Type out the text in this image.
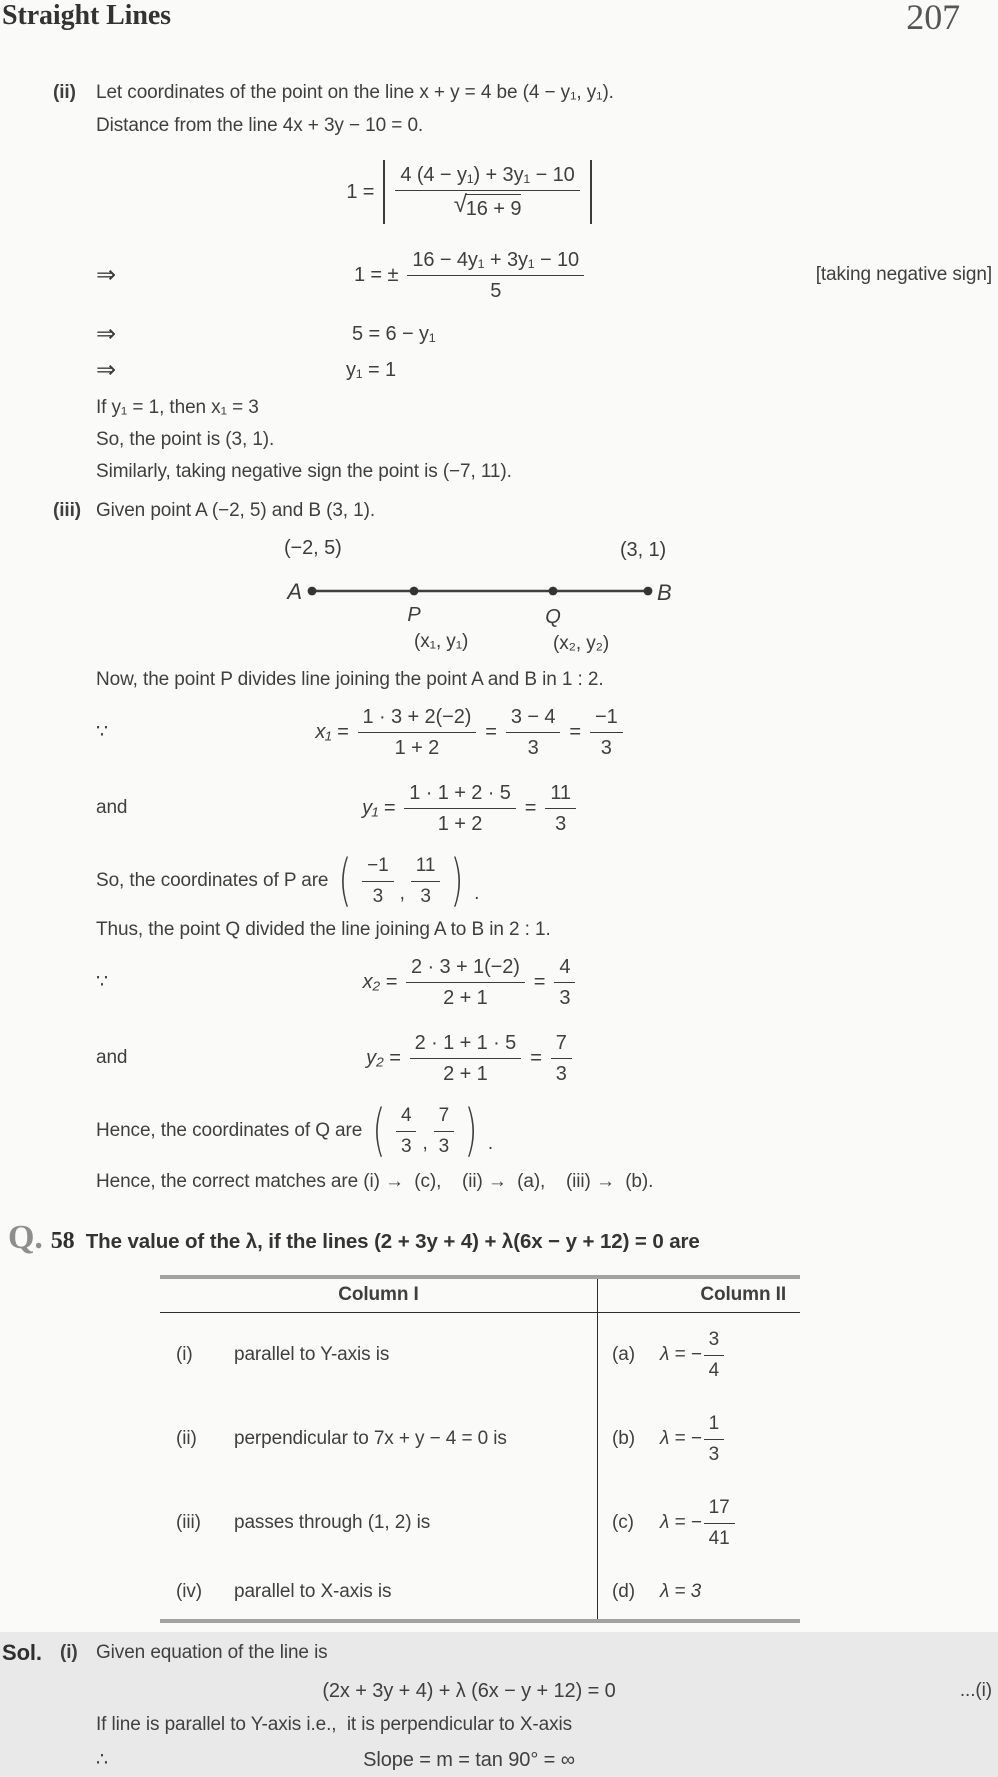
Straight Lines	207
(ii) Let coordinates of the point on the line x + y = 4 be (4 − y₁, y₁).
Distance from the line 4x + 3y − 10 = 0.
$1 = \frac{\text{4 (4 − y₁) + 3y₁ − 10}}{√ 16 + 9}$
⇒	1 = ± $\frac{\text{16 − 4y₁ + 3y₁ − 10}}{5}$	[taking negative sign]
⇒	5 = 6 − y₁
⇒	y₁ = 1
If y₁ = 1, then x₁ = 3
So, the point is (3, 1).
Similarly, taking negative sign the point is (−7, 11).
(iii) Given point A (−2, 5) and B (3, 1).
(−2, 5)	(3, 1)
A	B
P	Q
(x₁, y₁)	(x₂, y₂)
Now, the point P divides line joining the point A and B in 1 : 2.
∵	$x_1 = \frac{1 \cdot 3 + 2(-2)}{1 + 2} = \frac{3 - 4}{3} = \frac{-1}{3}$
and	$y_1 = \frac{1 \cdot 1 + 2 \cdot 5}{1 + 2} = \frac{11}{3}$
So, the coordinates of P are ( $\frac{-1}{3}$ , $\frac{11}{3}$ ) .
Thus, the point Q divided the line joining A to B in 2 : 1.
∵	$x_2 = \frac{2 \cdot 3 + 1(-2)}{2 + 1} = \frac{4}{3}$
and	$y_2 = \frac{2 \cdot 1 + 1 \cdot 5}{2 + 1} = \frac{7}{3}$
Hence, the coordinates of Q are ( $\frac{4}{3}$ , $\frac{7}{3}$ ) .
Hence, the correct matches are (i) →  (c),    (ii) →  (a),    (iii) →  (b).
Q. 58 The value of the λ, if the lines (2 + 3y + 4) + λ(6x − y + 12) = 0 are
Column I	Column II
(i)	parallel to Y-axis is	(a)	λ = − $\frac{3}{4}$
(ii)	perpendicular to 7x + y − 4 = 0 is	(b)	λ = − $\frac{1}{3}$
(iii)	passes through (1, 2) is	(c)	λ = − $\frac{17}{41}$
(iv)	parallel to X-axis is	(d)	λ = 3
Sol. (i) Given equation of the line is
(2x + 3y + 4) + λ (6x − y + 12) = 0	...(i)
If line is parallel to Y-axis i.e.,  it is perpendicular to X-axis
∴	Slope = m = tan 90° = ∞
